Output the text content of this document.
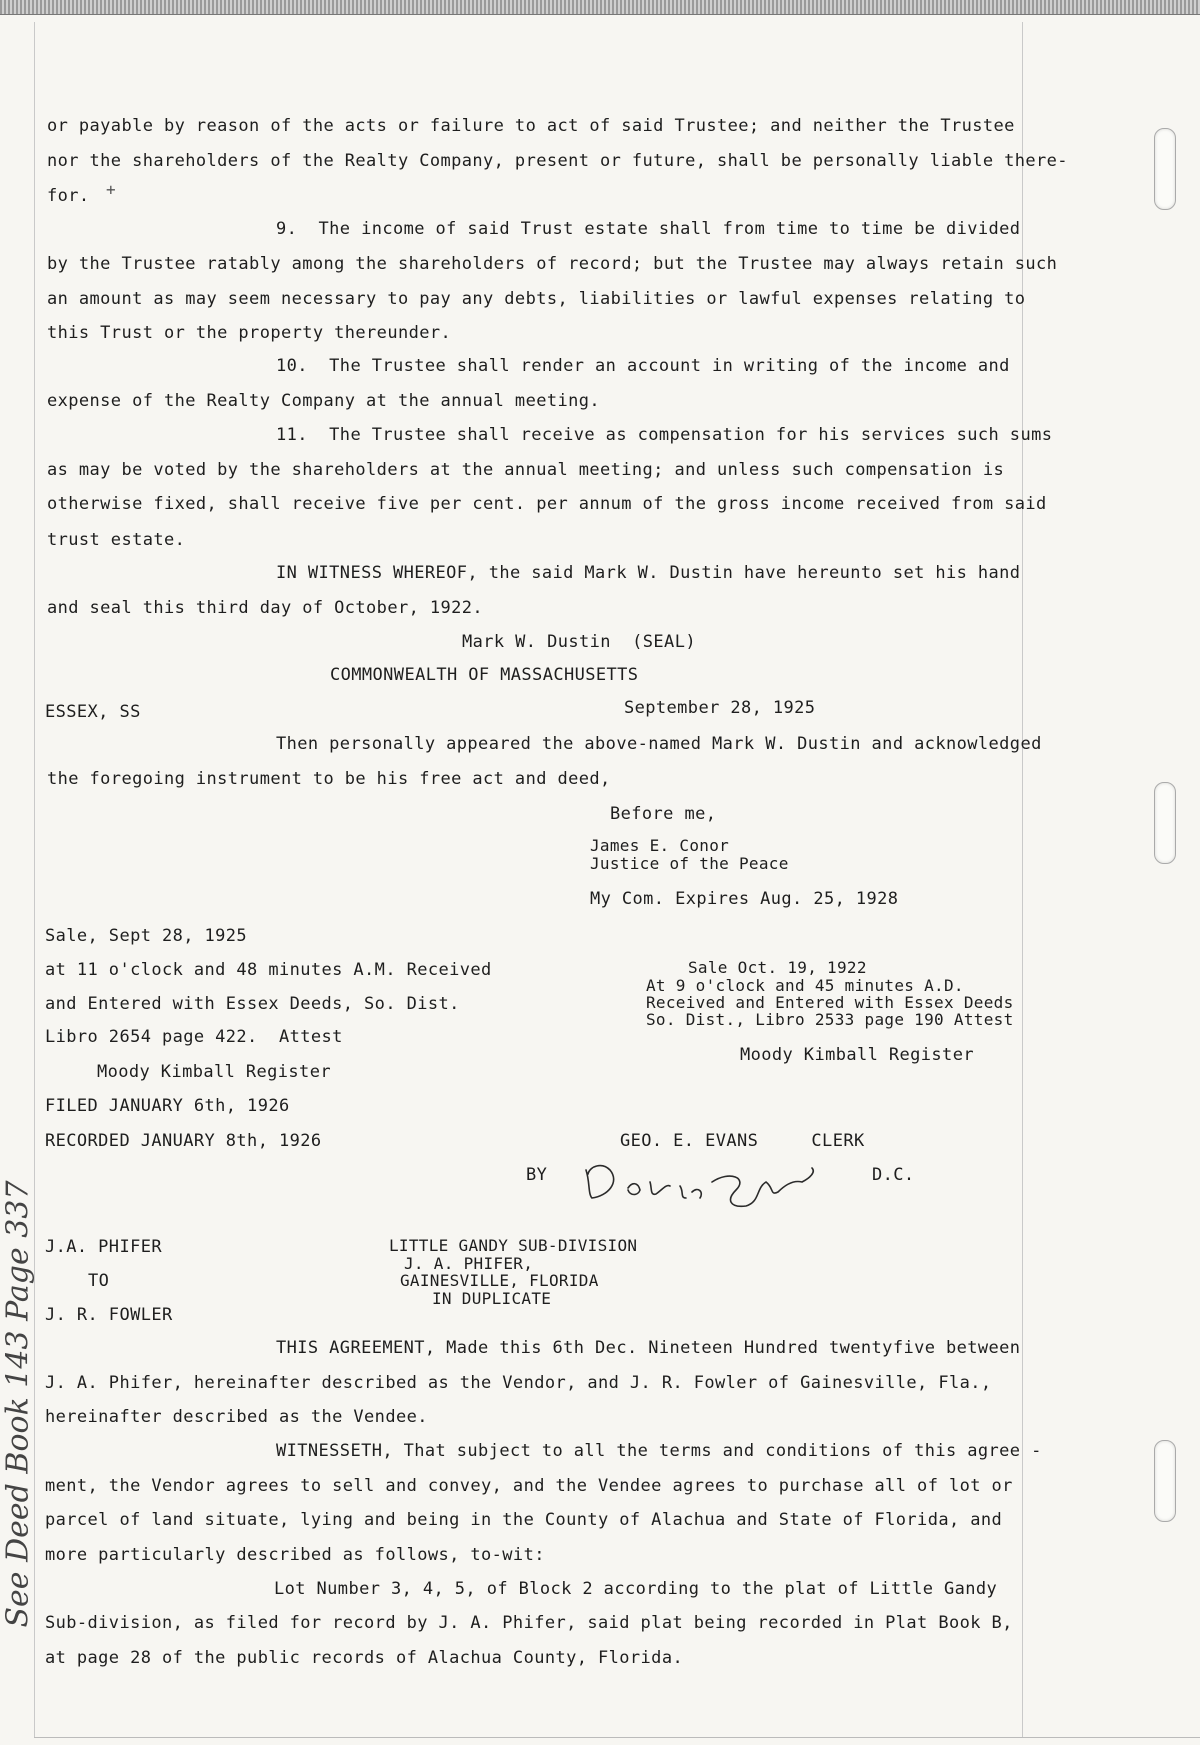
See Deed Book 143 Page 337
+
or payable by reason of the acts or failure to act of said Trustee; and neither the Trustee
nor the shareholders of the Realty Company, present or future, shall be personally liable there-
for.
9.  The income of said Trust estate shall from time to time be divided
by the Trustee ratably among the shareholders of record; but the Trustee may always retain such
an amount as may seem necessary to pay any debts, liabilities or lawful expenses relating to
this Trust or the property thereunder.
10.  The Trustee shall render an account in writing of the income and
expense of the Realty Company at the annual meeting.
11.  The Trustee shall receive as compensation for his services such sums
as may be voted by the shareholders at the annual meeting; and unless such compensation is
otherwise fixed, shall receive five per cent. per annum of the gross income received from said
trust estate.
IN WITNESS WHEREOF, the said Mark W. Dustin have hereunto set his hand
and seal this third day of October, 1922.
Mark W. Dustin  (SEAL)
COMMONWEALTH OF MASSACHUSETTS
ESSEX, SS	September 28, 1925
Then personally appeared the above-named Mark W. Dustin and acknowledged
the foregoing instrument to be his free act and deed,
Before me,
James E. Conor
Justice of the Peace
My Com. Expires Aug. 25, 1928
Sale, Sept 28, 1925
at 11 o'clock and 48 minutes A.M. Received
and Entered with Essex Deeds, So. Dist.
Libro 2654 page 422.  Attest
Moody Kimball Register
Sale Oct. 19, 1922
At 9 o'clock and 45 minutes A.D.
Received and Entered with Essex Deeds
So. Dist., Libro 2533 page 190 Attest
Moody Kimball Register
FILED JANUARY 6th, 1926
RECORDED JANUARY 8th, 1926	GEO. E. EVANS     CLERK
BY	D.C.
J.A. PHIFER
TO
J. R. FOWLER
LITTLE GANDY SUB-DIVISION
J. A. PHIFER,
GAINESVILLE, FLORIDA
IN DUPLICATE
THIS AGREEMENT, Made this 6th Dec. Nineteen Hundred twentyfive between
J. A. Phifer, hereinafter described as the Vendor, and J. R. Fowler of Gainesville, Fla.,
hereinafter described as the Vendee.
WITNESSETH, That subject to all the terms and conditions of this agree -
ment, the Vendor agrees to sell and convey, and the Vendee agrees to purchase all of lot or
parcel of land situate, lying and being in the County of Alachua and State of Florida, and
more particularly described as follows, to-wit:
Lot Number 3, 4, 5, of Block 2 according to the plat of Little Gandy
Sub-division, as filed for record by J. A. Phifer, said plat being recorded in Plat Book B,
at page 28 of the public records of Alachua County, Florida.
